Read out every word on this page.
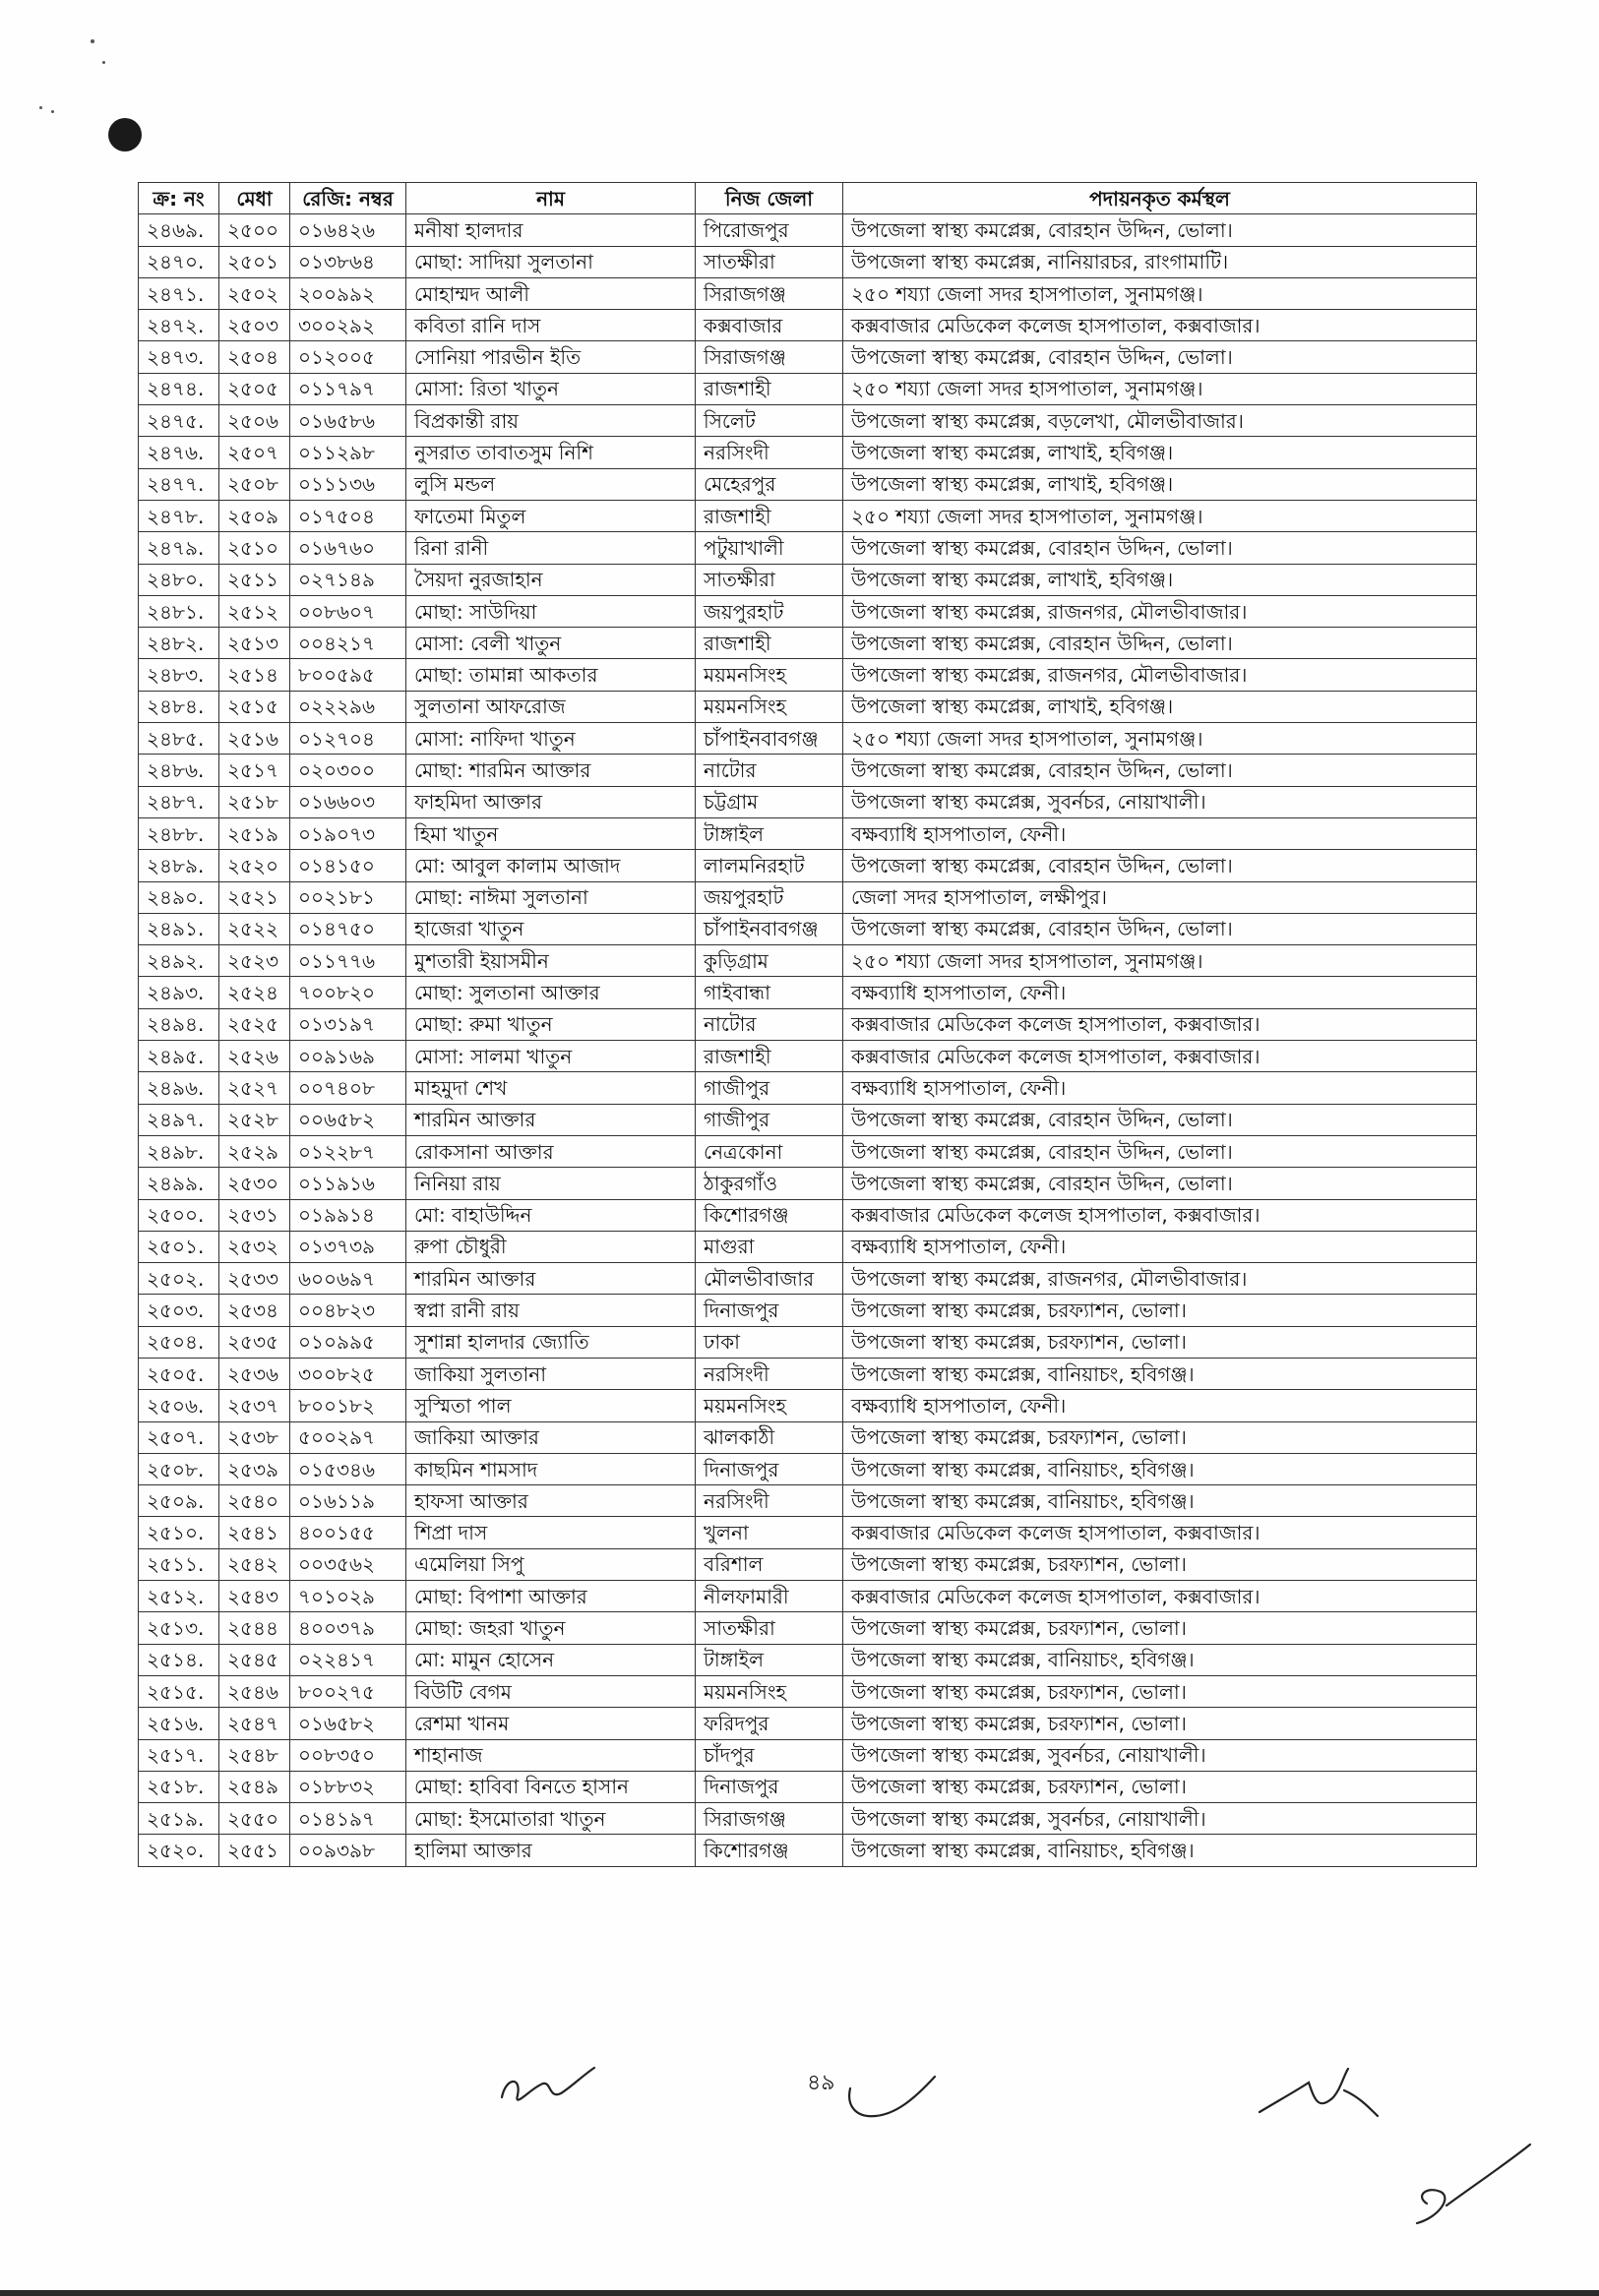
ক্র: নং	মেধা	রেজি: নম্বর	নাম	নিজ জেলা	পদায়নকৃত কর্মস্থল
২৪৬৯.	২৫০০	০১৬৪২৬	মনীষা হালদার	পিরোজপুর	উপজেলা স্বাস্থ্য কমপ্লেক্স, বোরহান উদ্দিন, ভোলা।
২৪৭০.	২৫০১	০১৩৮৬৪	মোছা: সাদিয়া সুলতানা	সাতক্ষীরা	উপজেলা স্বাস্থ্য কমপ্লেক্স, নানিয়ারচর, রাংগামাটি।
২৪৭১.	২৫০২	২০০৯৯২	মোহাম্মদ আলী	সিরাজগঞ্জ	২৫০ শয্যা জেলা সদর হাসপাতাল, সুনামগঞ্জ।
২৪৭২.	২৫০৩	৩০০২৯২	কবিতা রানি দাস	কক্সবাজার	কক্সবাজার মেডিকেল কলেজ হাসপাতাল, কক্সবাজার।
২৪৭৩.	২৫০৪	০১২০০৫	সোনিয়া পারভীন ইতি	সিরাজগঞ্জ	উপজেলা স্বাস্থ্য কমপ্লেক্স, বোরহান উদ্দিন, ভোলা।
২৪৭৪.	২৫০৫	০১১৭৯৭	মোসা: রিতা খাতুন	রাজশাহী	২৫০ শয্যা জেলা সদর হাসপাতাল, সুনামগঞ্জ।
২৪৭৫.	২৫০৬	০১৬৫৮৬	বিপ্রকান্তী রায়	সিলেট	উপজেলা স্বাস্থ্য কমপ্লেক্স, বড়লেখা, মৌলভীবাজার।
২৪৭৬.	২৫০৭	০১১২৯৮	নুসরাত তাবাতসুম নিশি	নরসিংদী	উপজেলা স্বাস্থ্য কমপ্লেক্স, লাখাই, হবিগঞ্জ।
২৪৭৭.	২৫০৮	০১১১৩৬	লুসি মন্ডল	মেহেরপুর	উপজেলা স্বাস্থ্য কমপ্লেক্স, লাখাই, হবিগঞ্জ।
২৪৭৮.	২৫০৯	০১৭৫০৪	ফাতেমা মিতুল	রাজশাহী	২৫০ শয্যা জেলা সদর হাসপাতাল, সুনামগঞ্জ।
২৪৭৯.	২৫১০	০১৬৭৬০	রিনা রানী	পটুয়াখালী	উপজেলা স্বাস্থ্য কমপ্লেক্স, বোরহান উদ্দিন, ভোলা।
২৪৮০.	২৫১১	০২৭১৪৯	সৈয়দা নুরজাহান	সাতক্ষীরা	উপজেলা স্বাস্থ্য কমপ্লেক্স, লাখাই, হবিগঞ্জ।
২৪৮১.	২৫১২	০০৮৬০৭	মোছা: সাউদিয়া	জয়পুরহাট	উপজেলা স্বাস্থ্য কমপ্লেক্স, রাজনগর, মৌলভীবাজার।
২৪৮২.	২৫১৩	০০৪২১৭	মোসা: বেলী খাতুন	রাজশাহী	উপজেলা স্বাস্থ্য কমপ্লেক্স, বোরহান উদ্দিন, ভোলা।
২৪৮৩.	২৫১৪	৮০০৫৯৫	মোছা: তামান্না আকতার	ময়মনসিংহ	উপজেলা স্বাস্থ্য কমপ্লেক্স, রাজনগর, মৌলভীবাজার।
২৪৮৪.	২৫১৫	০২২২৯৬	সুলতানা আফরোজ	ময়মনসিংহ	উপজেলা স্বাস্থ্য কমপ্লেক্স, লাখাই, হবিগঞ্জ।
২৪৮৫.	২৫১৬	০১২৭০৪	মোসা: নাফিদা খাতুন	চাঁপাইনবাবগঞ্জ	২৫০ শয্যা জেলা সদর হাসপাতাল, সুনামগঞ্জ।
২৪৮৬.	২৫১৭	০২০৩০০	মোছা: শারমিন আক্তার	নাটোর	উপজেলা স্বাস্থ্য কমপ্লেক্স, বোরহান উদ্দিন, ভোলা।
২৪৮৭.	২৫১৮	০১৬৬০৩	ফাহমিদা আক্তার	চট্টগ্রাম	উপজেলা স্বাস্থ্য কমপ্লেক্স, সুবর্নচর, নোয়াখালী।
২৪৮৮.	২৫১৯	০১৯০৭৩	হিমা খাতুন	টাঙ্গাইল	বক্ষব্যাধি হাসপাতাল, ফেনী।
২৪৮৯.	২৫২০	০১৪১৫০	মো: আবুল কালাম আজাদ	লালমনিরহাট	উপজেলা স্বাস্থ্য কমপ্লেক্স, বোরহান উদ্দিন, ভোলা।
২৪৯০.	২৫২১	০০২১৮১	মোছা: নাঈমা সুলতানা	জয়পুরহাট	জেলা সদর হাসপাতাল, লক্ষীপুর।
২৪৯১.	২৫২২	০১৪৭৫০	হাজেরা খাতুন	চাঁপাইনবাবগঞ্জ	উপজেলা স্বাস্থ্য কমপ্লেক্স, বোরহান উদ্দিন, ভোলা।
২৪৯২.	২৫২৩	০১১৭৭৬	মুশতারী ইয়াসমীন	কুড়িগ্রাম	২৫০ শয্যা জেলা সদর হাসপাতাল, সুনামগঞ্জ।
২৪৯৩.	২৫২৪	৭০০৮২০	মোছা: সুলতানা আক্তার	গাইবান্ধা	বক্ষব্যাধি হাসপাতাল, ফেনী।
২৪৯৪.	২৫২৫	০১৩১৯৭	মোছা: রুমা খাতুন	নাটোর	কক্সবাজার মেডিকেল কলেজ হাসপাতাল, কক্সবাজার।
২৪৯৫.	২৫২৬	০০৯১৬৯	মোসা: সালমা খাতুন	রাজশাহী	কক্সবাজার মেডিকেল কলেজ হাসপাতাল, কক্সবাজার।
২৪৯৬.	২৫২৭	০০৭৪০৮	মাহমুদা শেখ	গাজীপুর	বক্ষব্যাধি হাসপাতাল, ফেনী।
২৪৯৭.	২৫২৮	০০৬৫৮২	শারমিন আক্তার	গাজীপুর	উপজেলা স্বাস্থ্য কমপ্লেক্স, বোরহান উদ্দিন, ভোলা।
২৪৯৮.	২৫২৯	০১২২৮৭	রোকসানা আক্তার	নেত্রকোনা	উপজেলা স্বাস্থ্য কমপ্লেক্স, বোরহান উদ্দিন, ভোলা।
২৪৯৯.	২৫৩০	০১১৯১৬	নিনিয়া রায়	ঠাকুরগাঁও	উপজেলা স্বাস্থ্য কমপ্লেক্স, বোরহান উদ্দিন, ভোলা।
২৫০০.	২৫৩১	০১৯৯১৪	মো: বাহাউদ্দিন	কিশোরগঞ্জ	কক্সবাজার মেডিকেল কলেজ হাসপাতাল, কক্সবাজার।
২৫০১.	২৫৩২	০১৩৭৩৯	রুপা চৌধুরী	মাগুরা	বক্ষব্যাধি হাসপাতাল, ফেনী।
২৫০২.	২৫৩৩	৬০০৬৯৭	শারমিন আক্তার	মৌলভীবাজার	উপজেলা স্বাস্থ্য কমপ্লেক্স, রাজনগর, মৌলভীবাজার।
২৫০৩.	২৫৩৪	০০৪৮২৩	স্বপ্না রানী রায়	দিনাজপুর	উপজেলা স্বাস্থ্য কমপ্লেক্স, চরফ্যাশন, ভোলা।
২৫০৪.	২৫৩৫	০১০৯৯৫	সুশান্না হালদার জ্যোতি	ঢাকা	উপজেলা স্বাস্থ্য কমপ্লেক্স, চরফ্যাশন, ভোলা।
২৫০৫.	২৫৩৬	৩০০৮২৫	জাকিয়া সুলতানা	নরসিংদী	উপজেলা স্বাস্থ্য কমপ্লেক্স, বানিয়াচং, হবিগঞ্জ।
২৫০৬.	২৫৩৭	৮০০১৮২	সুস্মিতা পাল	ময়মনসিংহ	বক্ষব্যাধি হাসপাতাল, ফেনী।
২৫০৭.	২৫৩৮	৫০০২৯৭	জাকিয়া আক্তার	ঝালকাঠী	উপজেলা স্বাস্থ্য কমপ্লেক্স, চরফ্যাশন, ভোলা।
২৫০৮.	২৫৩৯	০১৫৩৪৬	কাছমিন শামসাদ	দিনাজপুর	উপজেলা স্বাস্থ্য কমপ্লেক্স, বানিয়াচং, হবিগঞ্জ।
২৫০৯.	২৫৪০	০১৬১১৯	হাফসা আক্তার	নরসিংদী	উপজেলা স্বাস্থ্য কমপ্লেক্স, বানিয়াচং, হবিগঞ্জ।
২৫১০.	২৫৪১	৪০০১৫৫	শিপ্রা দাস	খুলনা	কক্সবাজার মেডিকেল কলেজ হাসপাতাল, কক্সবাজার।
২৫১১.	২৫৪২	০০৩৫৬২	এমেলিয়া সিপু	বরিশাল	উপজেলা স্বাস্থ্য কমপ্লেক্স, চরফ্যাশন, ভোলা।
২৫১২.	২৫৪৩	৭০১০২৯	মোছা: বিপাশা আক্তার	নীলফামারী	কক্সবাজার মেডিকেল কলেজ হাসপাতাল, কক্সবাজার।
২৫১৩.	২৫৪৪	৪০০৩৭৯	মোছা: জহরা খাতুন	সাতক্ষীরা	উপজেলা স্বাস্থ্য কমপ্লেক্স, চরফ্যাশন, ভোলা।
২৫১৪.	২৫৪৫	০২২৪১৭	মো: মামুন হোসেন	টাঙ্গাইল	উপজেলা স্বাস্থ্য কমপ্লেক্স, বানিয়াচং, হবিগঞ্জ।
২৫১৫.	২৫৪৬	৮০০২৭৫	বিউটি বেগম	ময়মনসিংহ	উপজেলা স্বাস্থ্য কমপ্লেক্স, চরফ্যাশন, ভোলা।
২৫১৬.	২৫৪৭	০১৬৫৮২	রেশমা খানম	ফরিদপুর	উপজেলা স্বাস্থ্য কমপ্লেক্স, চরফ্যাশন, ভোলা।
২৫১৭.	২৫৪৮	০০৮৩৫০	শাহানাজ	চাঁদপুর	উপজেলা স্বাস্থ্য কমপ্লেক্স, সুবর্নচর, নোয়াখালী।
২৫১৮.	২৫৪৯	০১৮৮৩২	মোছা: হাবিবা বিনতে হাসান	দিনাজপুর	উপজেলা স্বাস্থ্য কমপ্লেক্স, চরফ্যাশন, ভোলা।
২৫১৯.	২৫৫০	০১৪১৯৭	মোছা: ইসমোতারা খাতুন	সিরাজগঞ্জ	উপজেলা স্বাস্থ্য কমপ্লেক্স, সুবর্নচর, নোয়াখালী।
২৫২০.	২৫৫১	০০৯৩৯৮	হালিমা আক্তার	কিশোরগঞ্জ	উপজেলা স্বাস্থ্য কমপ্লেক্স, বানিয়াচং, হবিগঞ্জ।
৪৯
